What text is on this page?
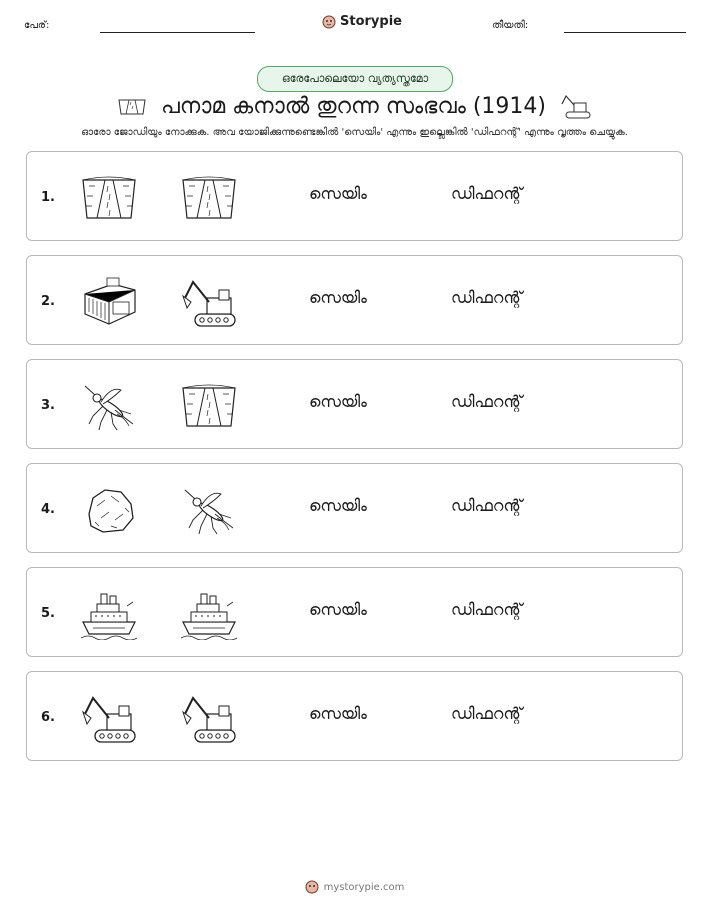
പേര്:	Storypie	തീയതി:
ഒരേപോലെയോ വ്യത്യസ്തമോ
പനാമ കനാൽ തുറന്ന സംഭവം (1914)
ഓരോ ജോഡിയും നോക്കുക. അവ യോജിക്കുന്നുണ്ടെങ്കിൽ 'സെയിം' എന്നും ഇല്ലെങ്കിൽ 'ഡിഫറന്റ്' എന്നും വൃത്തം ചെയ്യുക.
1.	സെയിം	ഡിഫറന്റ്
2.	സെയിം	ഡിഫറന്റ്
3.	സെയിം	ഡിഫറന്റ്
4.	സെയിം	ഡിഫറന്റ്
5.	സെയിം	ഡിഫറന്റ്
6.	സെയിം	ഡിഫറന്റ്
mystorypie.com
